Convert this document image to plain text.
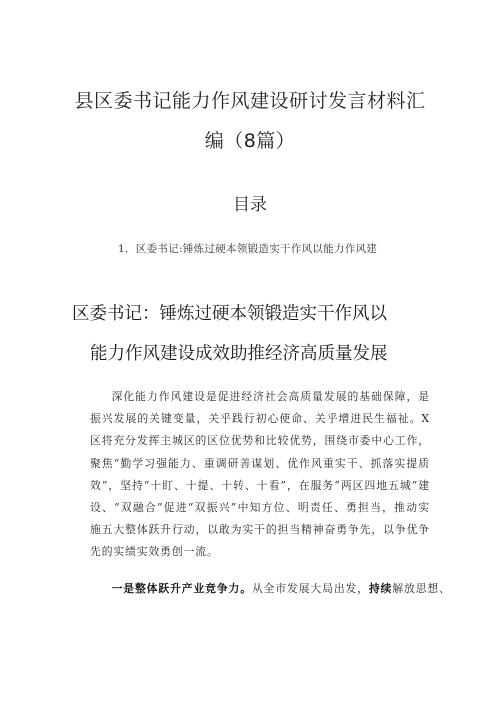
县区委书记能力作风建设研讨发言材料汇
编（8篇）
目录
1．区委书记:锤炼过硬本领锻造实干作风以能力作风建
区委书记：锤炼过硬本领锻造实干作风以
能力作风建设成效助推经济高质量发展

深化能力作风建设是促进经济社会高质量发展的基础保障，是振兴发展的关键变量，关乎践行初心使命、关乎增进民生福祉。X区将充分发挥主城区的区位优势和比较优势，围绕市委中心工作，聚焦“勤学习强能力、重调研善谋划、优作风重实干、抓落实提质效”，坚持“十盯、十提、十转、十看”，在服务“两区四地五城”建设、“双融合”促进“双振兴”中知方位、明责任、勇担当，推动实施五大整体跃升行动，以敢为实干的担当精神奋勇争先，以争优争先的实绩实效勇创一流。

一是整体跃升产业竞争力。从全市发展大局出发，持续解放思想、
